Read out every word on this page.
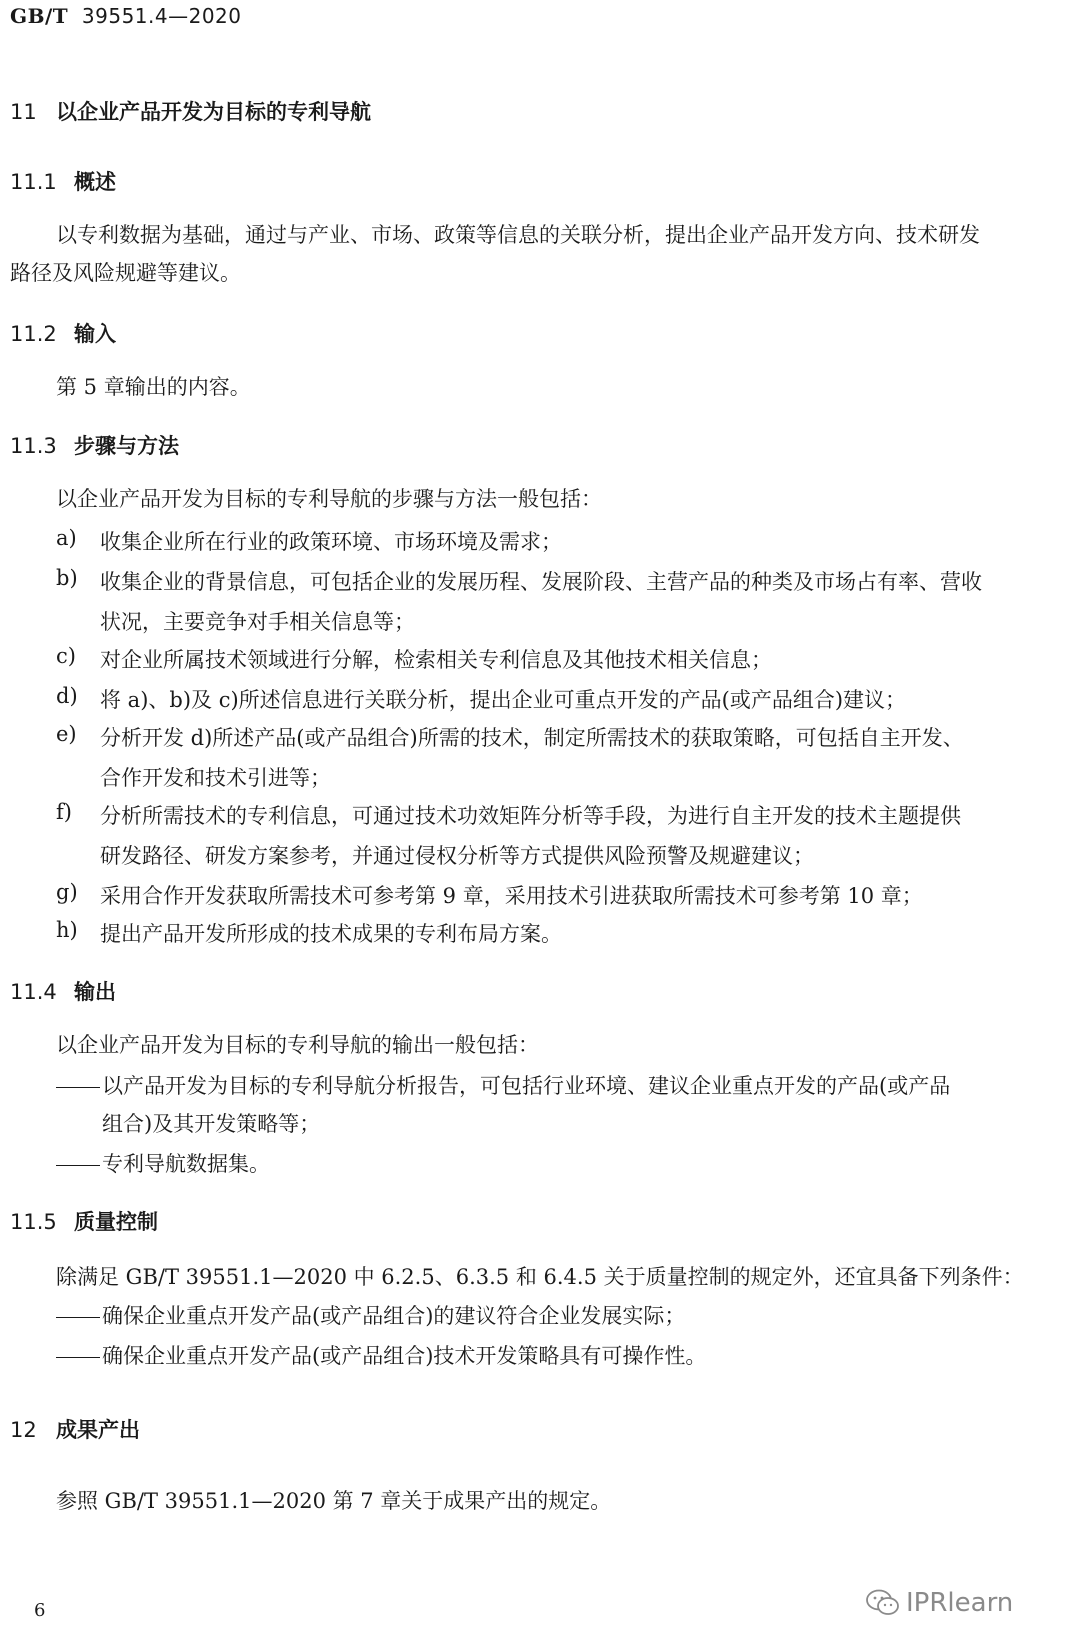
GB/T 39551.4—2020
11 以企业产品开发为目标的专利导航
11.1 概述
以专利数据为基础，通过与产业、市场、政策等信息的关联分析，提出企业产品开发方向、技术研发
路径及风险规避等建议。
11.2 输入
第 5 章输出的内容。
11.3 步骤与方法
以企业产品开发为目标的专利导航的步骤与方法一般包括：
a) 收集企业所在行业的政策环境、市场环境及需求；
b) 收集企业的背景信息，可包括企业的发展历程、发展阶段、主营产品的种类及市场占有率、营收
状况，主要竞争对手相关信息等；
c) 对企业所属技术领域进行分解，检索相关专利信息及其他技术相关信息；
d) 将 a)、b)及 c)所述信息进行关联分析，提出企业可重点开发的产品(或产品组合)建议；
e) 分析开发 d)所述产品(或产品组合)所需的技术，制定所需技术的获取策略，可包括自主开发、
合作开发和技术引进等；
f) 分析所需技术的专利信息，可通过技术功效矩阵分析等手段，为进行自主开发的技术主题提供
研发路径、研发方案参考，并通过侵权分析等方式提供风险预警及规避建议；
g) 采用合作开发获取所需技术可参考第 9 章，采用技术引进获取所需技术可参考第 10 章；
h) 提出产品开发所形成的技术成果的专利布局方案。
11.4 输出
以企业产品开发为目标的专利导航的输出一般包括：
以产品开发为目标的专利导航分析报告，可包括行业环境、建议企业重点开发的产品(或产品
组合)及其开发策略等；
专利导航数据集。
11.5 质量控制
除满足 GB/T 39551.1—2020 中 6.2.5、6.3.5 和 6.4.5 关于质量控制的规定外，还宜具备下列条件：
确保企业重点开发产品(或产品组合)的建议符合企业发展实际；
确保企业重点开发产品(或产品组合)技术开发策略具有可操作性。
12 成果产出
参照 GB/T 39551.1—2020 第 7 章关于成果产出的规定。
6	IPRlearn
